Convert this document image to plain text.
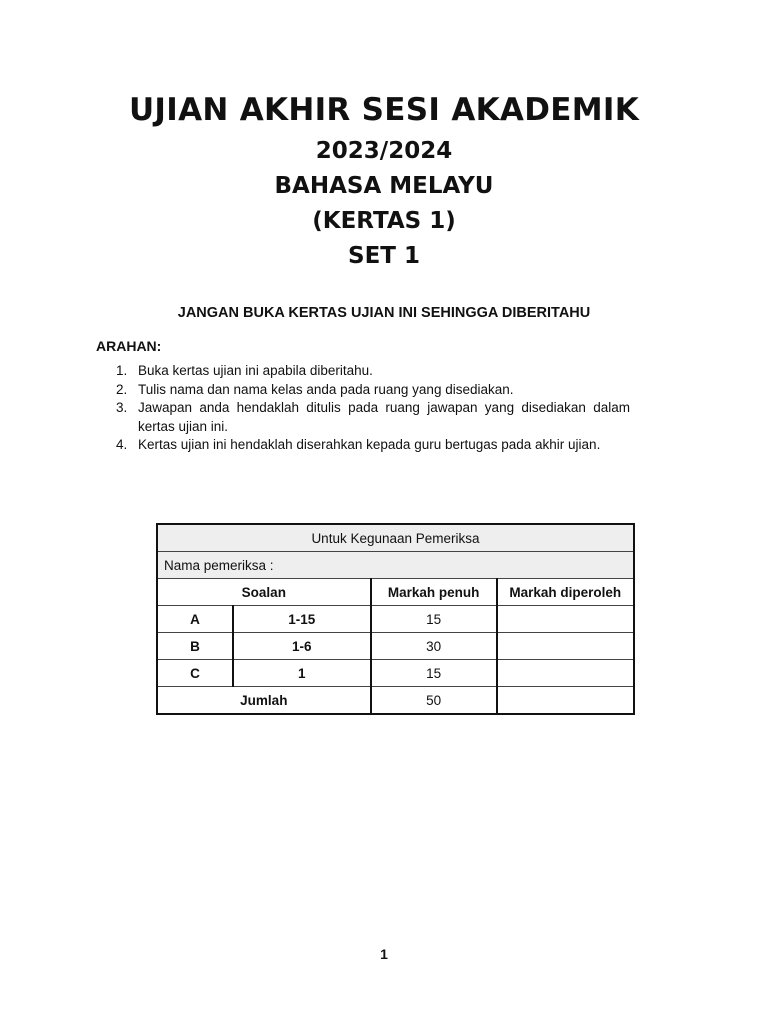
UJIAN AKHIR SESI AKADEMIK
2023/2024
BAHASA MELAYU
(KERTAS 1)
SET 1
JANGAN BUKA KERTAS UJIAN INI SEHINGGA DIBERITAHU
ARAHAN:
1. Buka kertas ujian ini apabila diberitahu.
2. Tulis nama dan nama kelas anda pada ruang yang disediakan.
3. Jawapan anda hendaklah ditulis pada ruang jawapan yang disediakan dalam kertas ujian ini.
4. Kertas ujian ini hendaklah diserahkan kepada guru bertugas pada akhir ujian.
Untuk Kegunaan Pemeriksa			
Nama pemeriksa :			
Soalan		Markah penuh	Markah diperoleh
A	1-15	15	
B	1-6	30	
C	1	15	
Jumlah		50	
1
